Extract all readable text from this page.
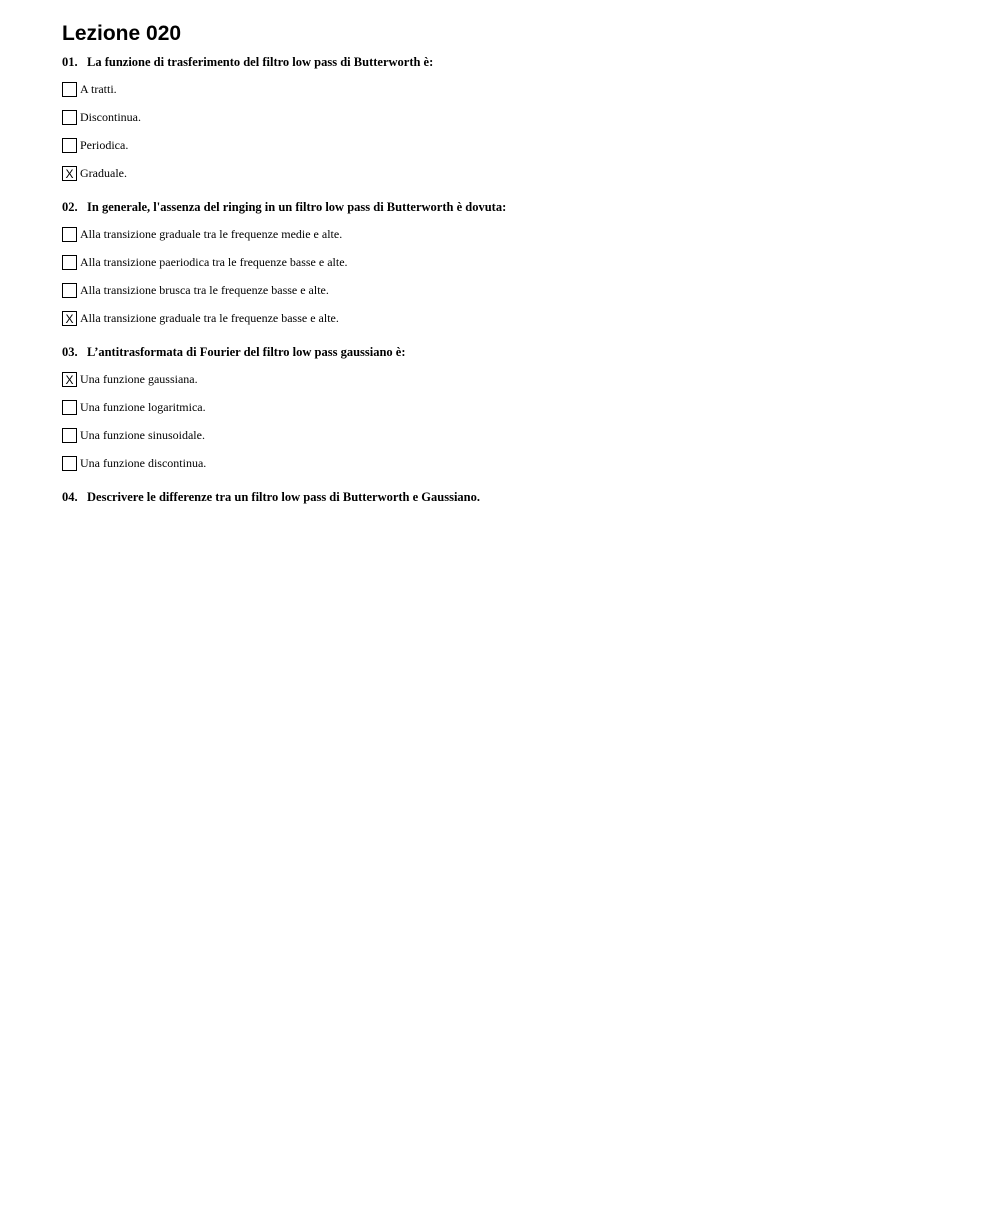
Lezione 020
01. La funzione di trasferimento del filtro low pass di Butterworth è:
A tratti.
Discontinua.
Periodica.
X Graduale.
02. In generale, l'assenza del ringing in un filtro low pass di Butterworth è dovuta:
Alla transizione graduale tra le frequenze medie e alte.
Alla transizione paeriodica tra le frequenze basse e alte.
Alla transizione brusca tra le frequenze basse e alte.
X Alla transizione graduale tra le frequenze basse e alte.
03. L’antitrasformata di Fourier del filtro low pass gaussiano è:
X Una funzione gaussiana.
Una funzione logaritmica.
Una funzione sinusoidale.
Una funzione discontinua.
04. Descrivere le differenze tra un filtro low pass di Butterworth e Gaussiano.
